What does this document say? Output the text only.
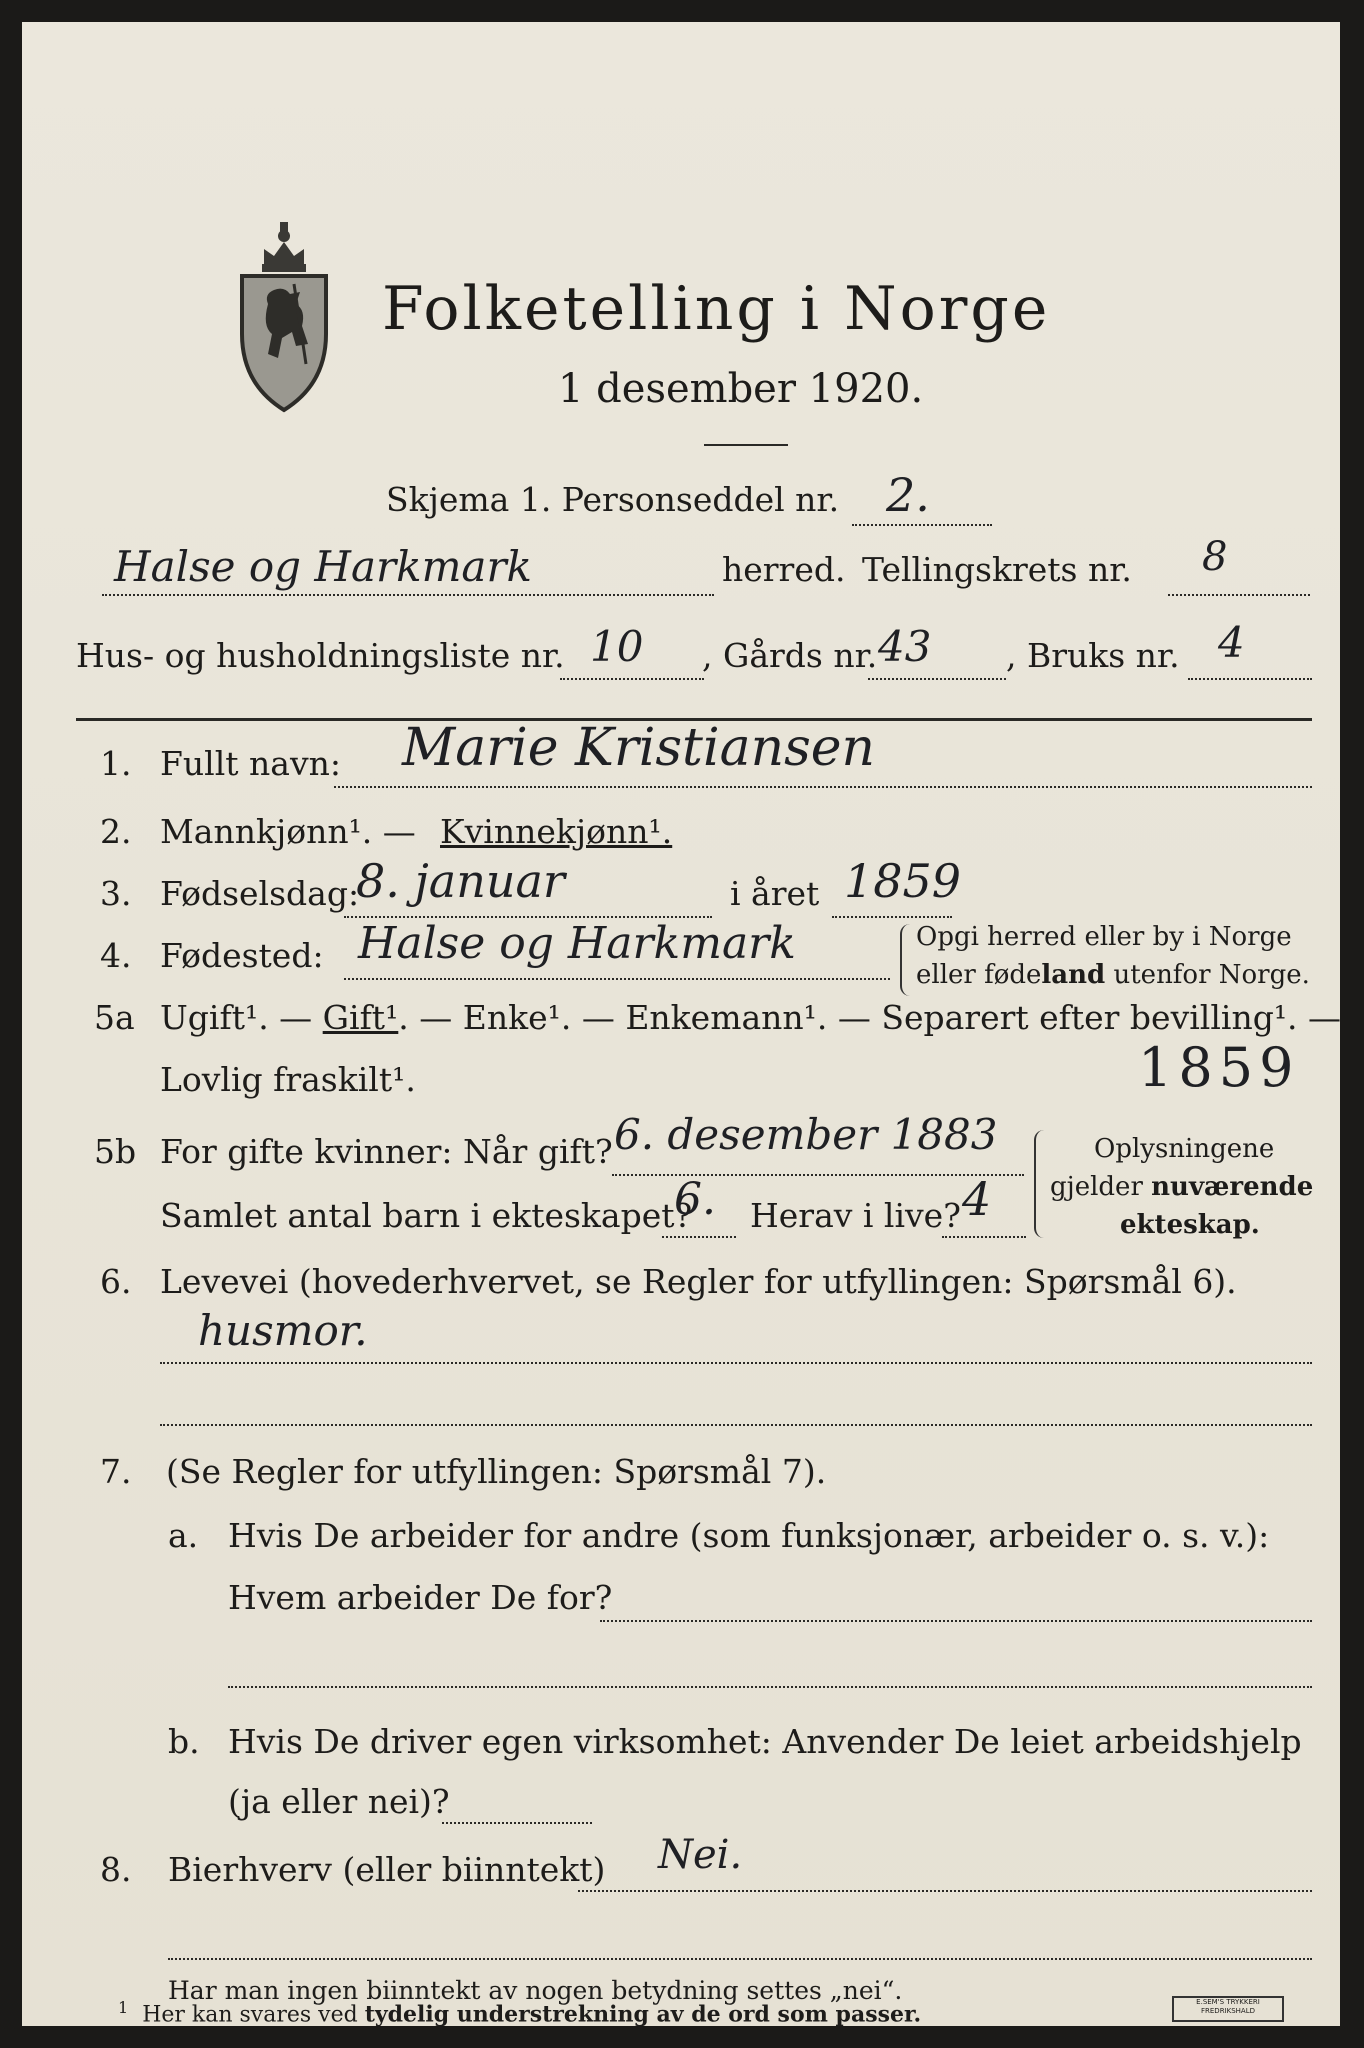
Folketelling i Norge
1 desember 1920.
Skjema 1. Personseddel nr. 2.
Halse og Harkmark	herred. Tellingskrets nr. 8
Hus- og husholdningsliste nr. 10 , Gårds nr. 43 , Bruks nr. 4
1. Fullt navn: Marie Kristiansen
2. Mannkjønn¹. — Kvinnekjønn¹.
3. Fødselsdag:
8. januar	i året 1859
4. Fødested: Halse og Harkmark	Opgi herred eller by i Norge
eller fødeland utenfor Norge.
5a Ugift¹. — Gift¹. — Enke¹. — Enkemann¹. — Separert efter bevilling¹. —
Lovlig fraskilt¹.	1859
5b For gifte kvinner: Når gift? 6. desember 1883
Samlet antal barn i ekteskapet?
6. Herav i live? 4
Oplysningene
gjelder nuværende
ekteskap.
6. Levevei (hovederhvervet, se Regler for utfyllingen: Spørsmål 6).
husmor.
7. (Se Regler for utfyllingen: Spørsmål 7).
a. Hvis De arbeider for andre (som funksjonær, arbeider o. s. v.):
Hvem arbeider De for?
b. Hvis De driver egen virksomhet: Anvender De leiet arbeidshjelp
(ja eller nei)?
8. Bierhverv (eller biinntekt) Nei.
Har man ingen biinntekt av nogen betydning settes „nei“.
$^1$ Her kan svares ved tydelig understrekning av de ord som passer.	E.SEM'S TRYKKERI FREDRIKSHALD
